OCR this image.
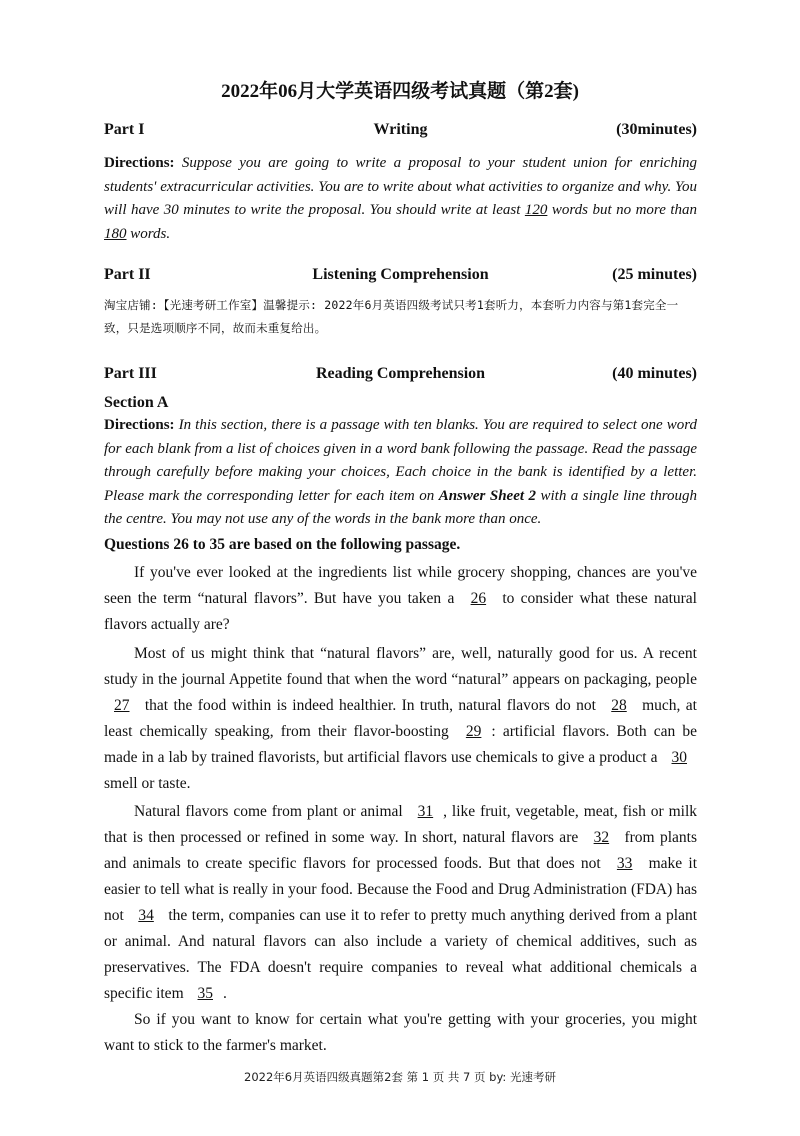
2022年06月大学英语四级考试真题（第2套)
Part I	Writing	(30minutes)
Directions: Suppose you are going to write a proposal to your student union for enriching students' extracurricular activities. You are to write about what activities to organize and why. You will have 30 minutes to write the proposal. You should write at least 120 words but no more than 180 words.
Part II	Listening Comprehension	(25 minutes)
淘宝店铺:【光速考研工作室】温馨提示: 2022年6月英语四级考试只考1套听力，本套听力内容与第1套完全一致，只是选项顺序不同，故而未重复给出。
Part III	Reading Comprehension	(40 minutes)
Section A
Directions: In this section, there is a passage with ten blanks. You are required to select one word for each blank from a list of choices given in a word bank following the passage. Read the passage through carefully before making your choices, Each choice in the bank is identified by a letter. Please mark the corresponding letter for each item on Answer Sheet 2 with a single line through the centre. You may not use any of the words in the bank more than once.
Questions 26 to 35 are based on the following passage.
If you've ever looked at the ingredients list while grocery shopping, chances are you've seen the term “natural flavors”. But have you taken a 26 to consider what these natural flavors actually are?
Most of us might think that “natural flavors” are, well, naturally good for us. A recent study in the journal Appetite found that when the word “natural” appears on packaging, people 27 that the food within is indeed healthier. In truth, natural flavors do not 28 much, at least chemically speaking, from their flavor-boosting 29 : artificial flavors. Both can be made in a lab by trained flavorists, but artificial flavors use chemicals to give a product a 30 smell or taste.
Natural flavors come from plant or animal 31 , like fruit, vegetable, meat, fish or milk that is then processed or refined in some way. In short, natural flavors are 32 from plants and animals to create specific flavors for processed foods. But that does not 33 make it easier to tell what is really in your food. Because the Food and Drug Administration (FDA) has not 34 the term, companies can use it to refer to pretty much anything derived from a plant or animal. And natural flavors can also include a variety of chemical additives, such as preservatives. The FDA doesn't require companies to reveal what additional chemicals a specific item 35 .
So if you want to know for certain what you're getting with your groceries, you might want to stick to the farmer's market.
2022年6月英语四级真题第2套 第 1 页 共 7 页 by: 光速考研
